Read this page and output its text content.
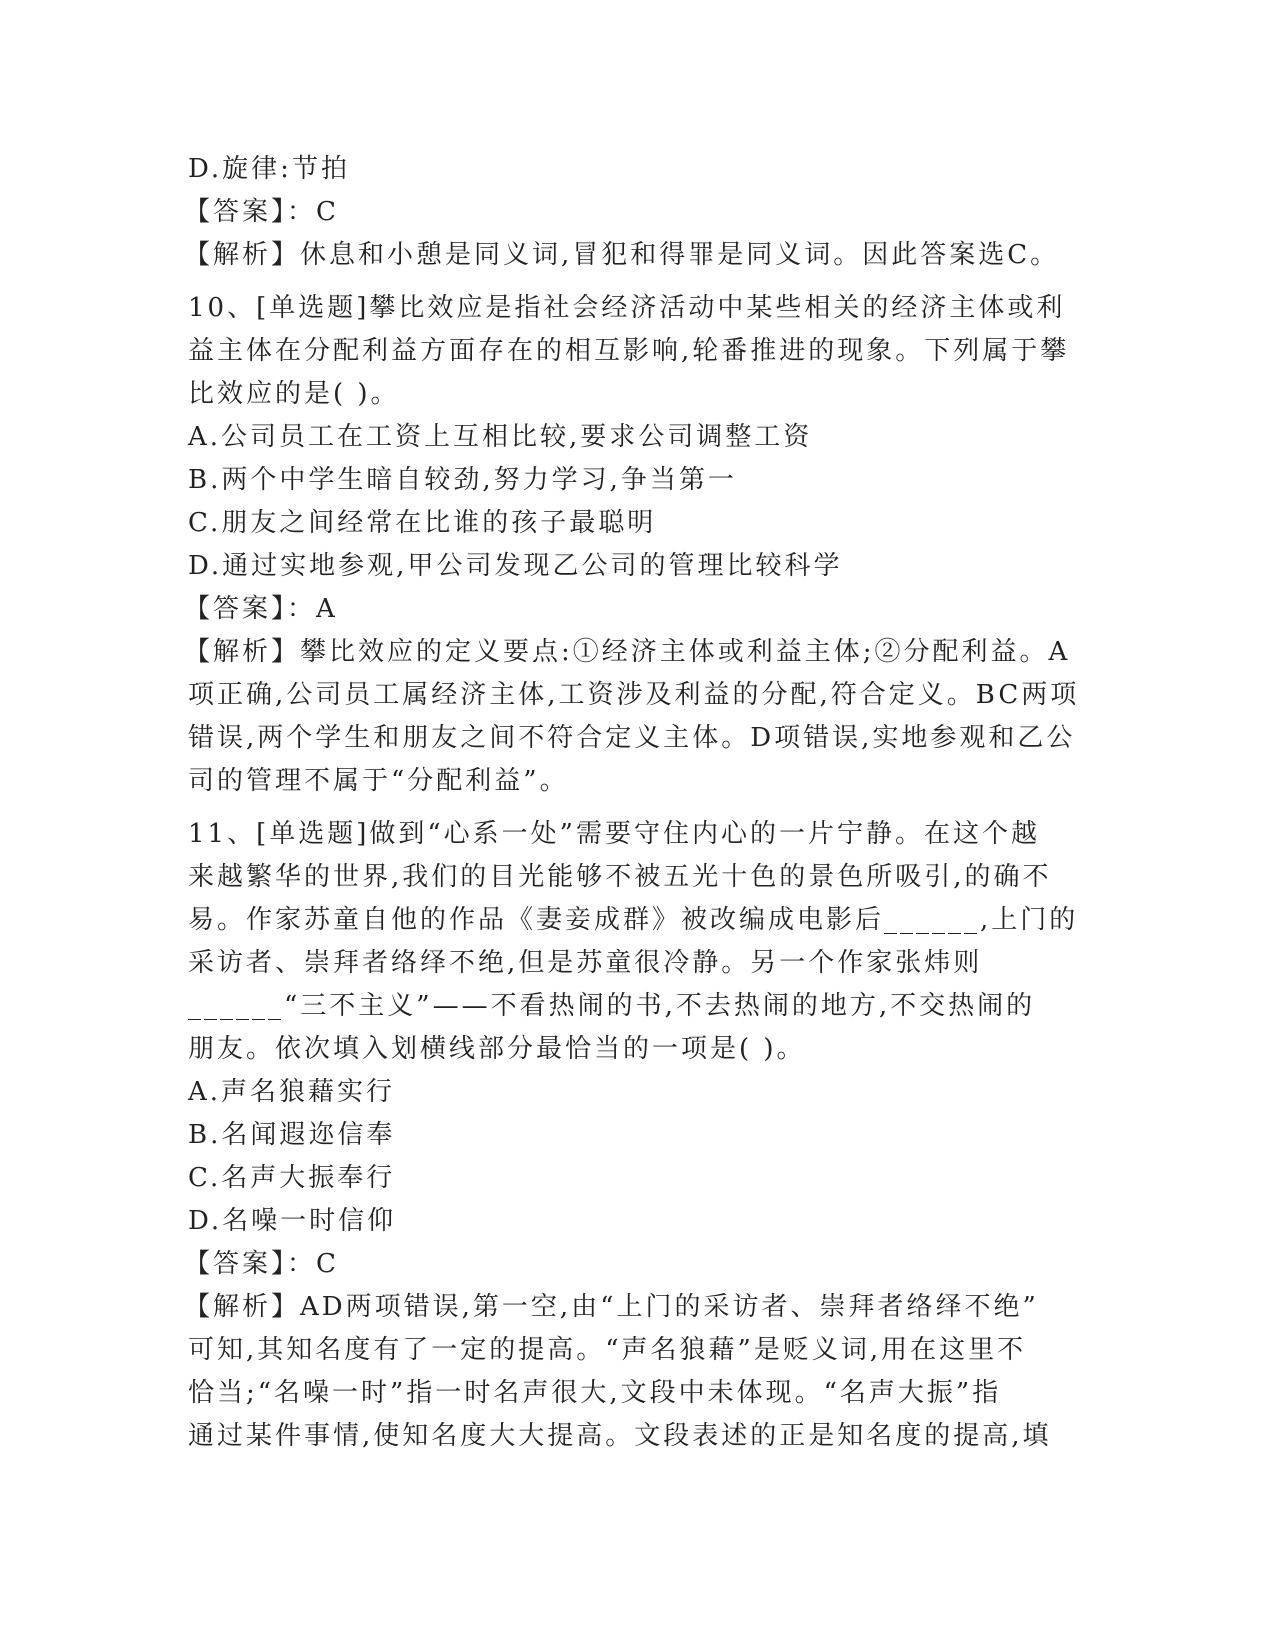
D.旋律:节拍
【答案】：C
【解析】休息和小憩是同义词,冒犯和得罪是同义词。因此答案选C。
10、[单选题]攀比效应是指社会经济活动中某些相关的经济主体或利
益主体在分配利益方面存在的相互影响,轮番推进的现象。下列属于攀
比效应的是( )。
A.公司员工在工资上互相比较,要求公司调整工资
B.两个中学生暗自较劲,努力学习,争当第一
C.朋友之间经常在比谁的孩子最聪明
D.通过实地参观,甲公司发现乙公司的管理比较科学
【答案】：A
【解析】攀比效应的定义要点:①经济主体或利益主体;②分配利益。A
项正确,公司员工属经济主体,工资涉及利益的分配,符合定义。BC两项
错误,两个学生和朋友之间不符合定义主体。D项错误,实地参观和乙公
司的管理不属于“分配利益”。
11、[单选题]做到“心系一处”需要守住内心的一片宁静。在这个越
来越繁华的世界,我们的目光能够不被五光十色的景色所吸引,的确不
易。作家苏童自他的作品《妻妾成群》被改编成电影后______,上门的
采访者、崇拜者络绎不绝,但是苏童很冷静。另一个作家张炜则
______“三不主义”——不看热闹的书,不去热闹的地方,不交热闹的
朋友。依次填入划横线部分最恰当的一项是( )。
A.声名狼藉实行
B.名闻遐迩信奉
C.名声大振奉行
D.名噪一时信仰
【答案】：C
【解析】AD两项错误,第一空,由“上门的采访者、崇拜者络绎不绝”
可知,其知名度有了一定的提高。“声名狼藉”是贬义词,用在这里不
恰当;“名噪一时”指一时名声很大,文段中未体现。“名声大振”指
通过某件事情,使知名度大大提高。文段表述的正是知名度的提高,填
